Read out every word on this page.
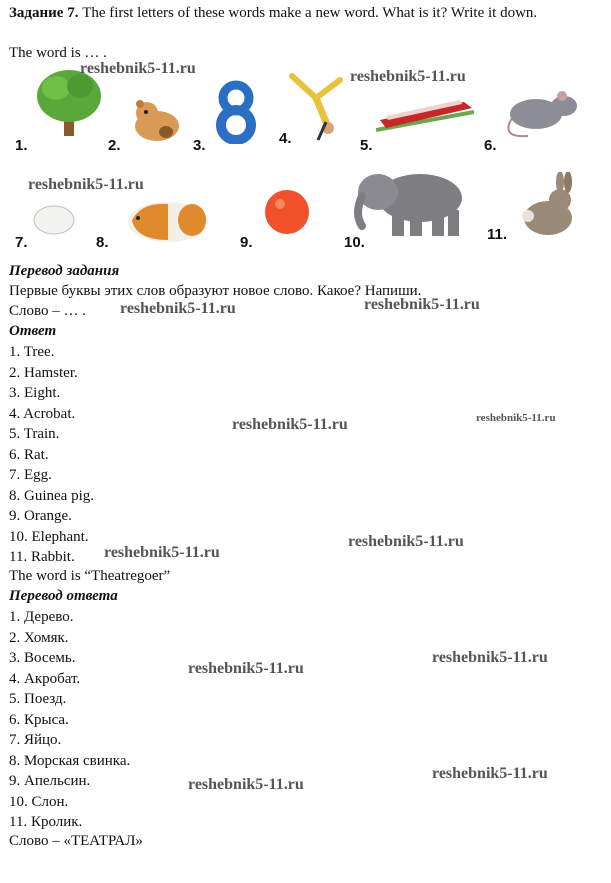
Задание 7. The first letters of these words make a new word. What is it? Write it down.
The word is … .
1.	2.	3.	4.	5.	6.
7.	8.	9.	10.	11.
reshebnik5-11.ru	reshebnik5-11.ru
reshebnik5-11.ru
reshebnik5-11.ru	reshebnik5-11.ru
reshebnik5-11.ru	reshebnik5-11.ru
reshebnik5-11.ru
reshebnik5-11.ru
reshebnik5-11.ru
reshebnik5-11.ru
reshebnik5-11.ru
reshebnik5-11.ru
Перевод задания
Первые буквы этих слов образуют новое слово. Какое? Напиши.
Слово – … .
Ответ
1. Tree.
2. Hamster.
3. Eight.
4. Acrobat.
5. Train.
6. Rat.
7. Egg.
8. Guinea pig.
9. Orange.
10. Elephant.
11. Rabbit.
The word is “Theatregoer”
Перевод ответа
1. Дерево.
2. Хомяк.
3. Восемь.
4. Акробат.
5. Поезд.
6. Крыса.
7. Яйцо.
8. Морская свинка.
9. Апельсин.
10. Слон.
11. Кролик.
Слово – «ТЕАТРАЛ»
